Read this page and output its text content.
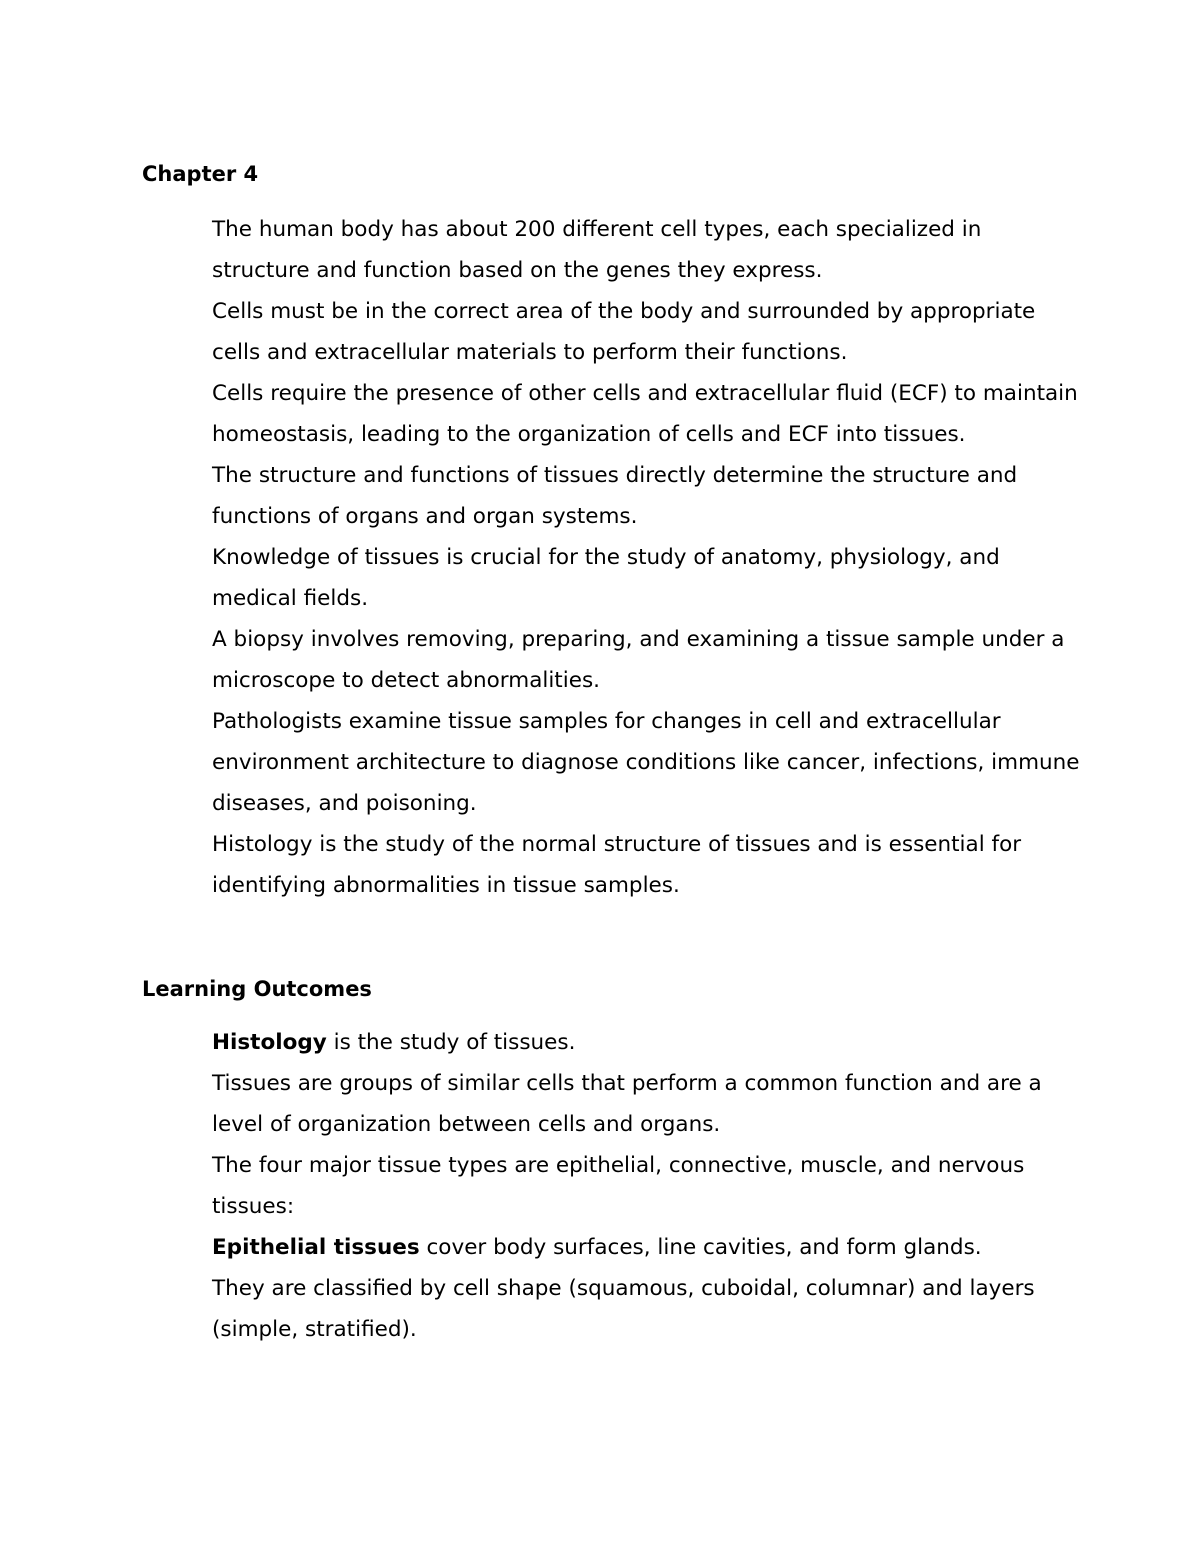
Chapter 4

The human body has about 200 different cell types, each specialized in structure and function based on the genes they express.

Cells must be in the correct area of the body and surrounded by appropriate cells and extracellular materials to perform their functions.

Cells require the presence of other cells and extracellular fluid (ECF) to maintain homeostasis, leading to the organization of cells and ECF into tissues.

The structure and functions of tissues directly determine the structure and functions of organs and organ systems.

Knowledge of tissues is crucial for the study of anatomy, physiology, and medical fields.

A biopsy involves removing, preparing, and examining a tissue sample under a microscope to detect abnormalities.

Pathologists examine tissue samples for changes in cell and extracellular environment architecture to diagnose conditions like cancer, infections, immune diseases, and poisoning.

Histology is the study of the normal structure of tissues and is essential for identifying abnormalities in tissue samples.

Learning Outcomes

Histology is the study of tissues.

Tissues are groups of similar cells that perform a common function and are a level of organization between cells and organs.

The four major tissue types are epithelial, connective, muscle, and nervous tissues:

Epithelial tissues cover body surfaces, line cavities, and form glands.

They are classified by cell shape (squamous, cuboidal, columnar) and layers (simple, stratified).
